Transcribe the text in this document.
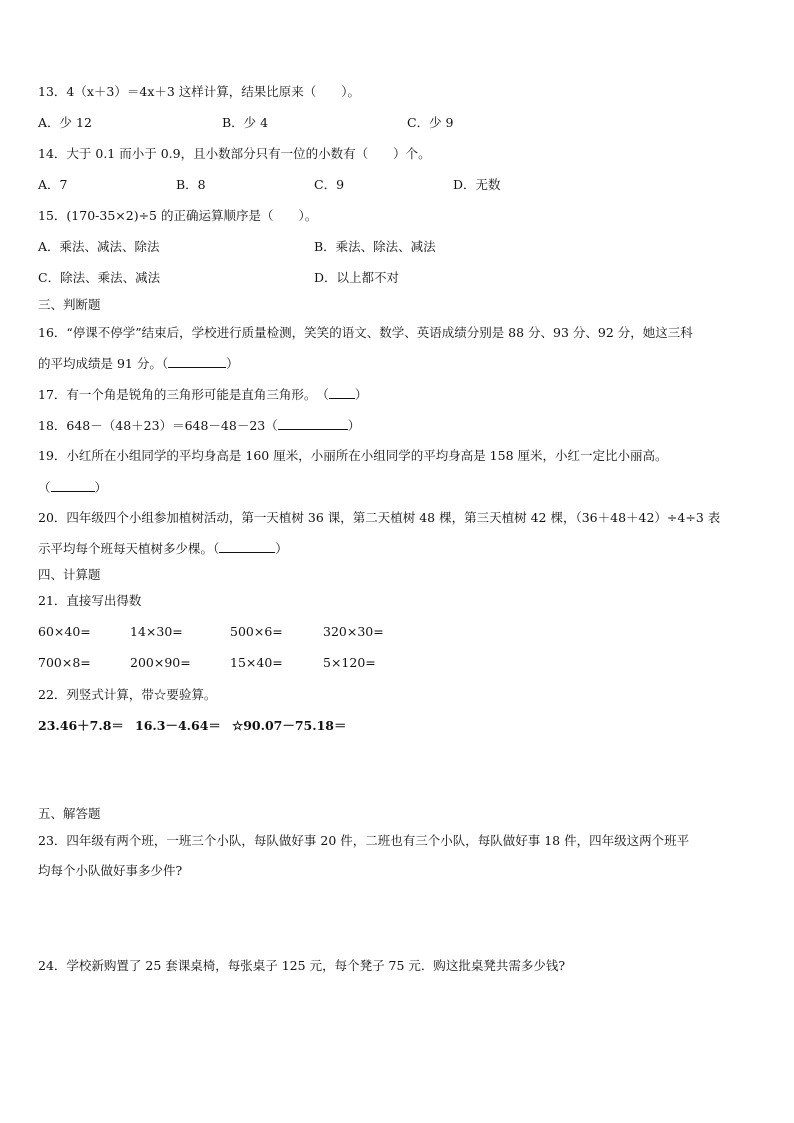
13．4（x＋3）＝4x＋3 这样计算，结果比原来（　　）。
A．少 12	B．少 4	C．少 9
14．大于 0.1 而小于 0.9，且小数部分只有一位的小数有（　　）个。
A．7	B．8	C．9	D．无数
15．(170-35×2)÷5 的正确运算顺序是（　　）。
A．乘法、减法、除法	B．乘法、除法、减法
C．除法、乘法、减法	D．以上都不对
三、判断题
16．“停课不停学”结束后，学校进行质量检测，笑笑的语文、数学、英语成绩分别是 88 分、93 分、92 分，她这三科
的平均成绩是 91 分。（	）
17．有一个角是锐角的三角形可能是直角三角形。　（ ）
18．648－（48＋23）＝648－48－23（	）
19．小红所在小组同学的平均身高是 160 厘米，小丽所在小组同学的平均身高是 158 厘米，小红一定比小丽高。
（	）
20．四年级四个小组参加植树活动，第一天植树 36 课，第二天植树 48 棵，第三天植树 42 棵，（36＋48＋42）÷4÷3 表
示平均每个班每天植树多少棵。（	）
四、计算题
21．直接写出得数
60×40=	14×30=	500×6=	320×30=
700×8=	200×90=	15×40=	5×120=
22．列竖式计算，带☆要验算。
23.46＋7.8＝ 16.3－4.64＝ ☆90.07－75.18＝
五、解答题
23．四年级有两个班，一班三个小队，每队做好事 20 件，二班也有三个小队，每队做好事 18 件，四年级这两个班平
均每个小队做好事多少件?
24．学校新购置了 25 套课桌椅，每张桌子 125 元，每个凳子 75 元．购这批桌凳共需多少钱?
